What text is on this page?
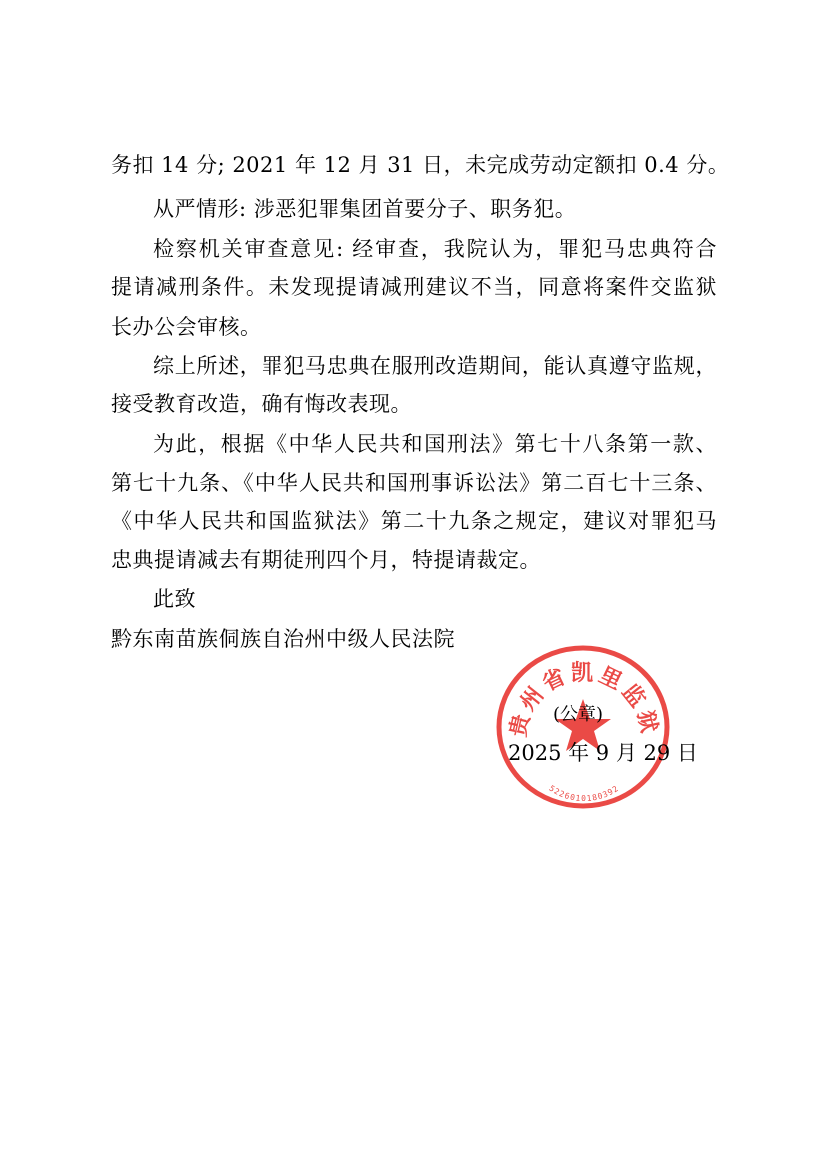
务扣 14 分; 2021 年 12 月 31 日，未完成劳动定额扣 0.4 分。
从严情形: 涉恶犯罪集团首要分子、职务犯。
检察机关审查意见: 经审查，我院认为，罪犯马忠典符合
提请减刑条件。未发现提请减刑建议不当，同意将案件交监狱
长办公会审核。
综上所述，罪犯马忠典在服刑改造期间，能认真遵守监规，
接受教育改造，确有悔改表现。
为此，根据《中华人民共和国刑法》第七十八条第一款、
第七十九条、《中华人民共和国刑事诉讼法》第二百七十三条、
《中华人民共和国监狱法》第二十九条之规定，建议对罪犯马
忠典提请减去有期徒刑四个月，特提请裁定。
此致
黔东南苗族侗族自治州中级人民法院
贵州省凯里监狱
5226010180392
(公章)
2025 年 9 月 29 日
